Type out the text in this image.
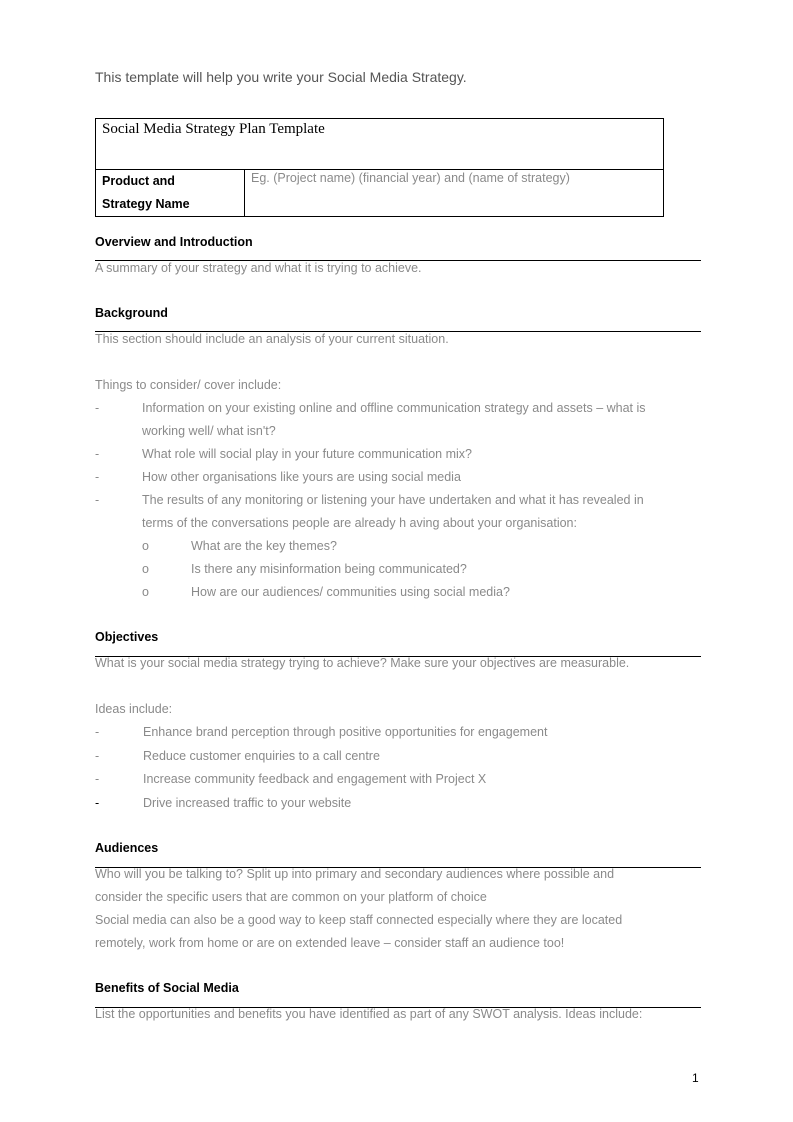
This template will help you write your Social Media Strategy.
Social Media Strategy Plan Template

Product and
Strategy Name
	Eg. (Project name) (financial year) and (name of strategy)
Overview and Introduction
A summary of your strategy and what it is trying to achieve.
Background
This section should include an analysis of your current situation.
Things to consider/ cover include:
-	Information on your existing online and offline communication strategy and assets – what is
working well/ what isn't?
-	What role will social play in your future communication mix?
-	How other organisations like yours are using social media
-	The results of any monitoring or listening your have undertaken and what it has revealed in
terms of the conversations people are already h aving about your organisation:
o	What are the key themes?
o	Is there any misinformation being communicated?
o	How are our audiences/ communities using social media?
Objectives
What is your social media strategy trying to achieve? Make sure your objectives are measurable.
Ideas include:
-	Enhance brand perception through positive opportunities for engagement
-	Reduce customer enquiries to a call centre
-	Increase community feedback and engagement with Project X
-	Drive increased traffic to your website
Audiences
Who will you be talking to? Split up into primary and secondary audiences where possible and
consider the specific users that are common on your platform of choice
Social media can also be a good way to keep staff connected especially where they are located
remotely, work from home or are on extended leave – consider staff an audience too!
Benefits of Social Media
List the opportunities and benefits you have identified as part of any SWOT analysis. Ideas include:
1
